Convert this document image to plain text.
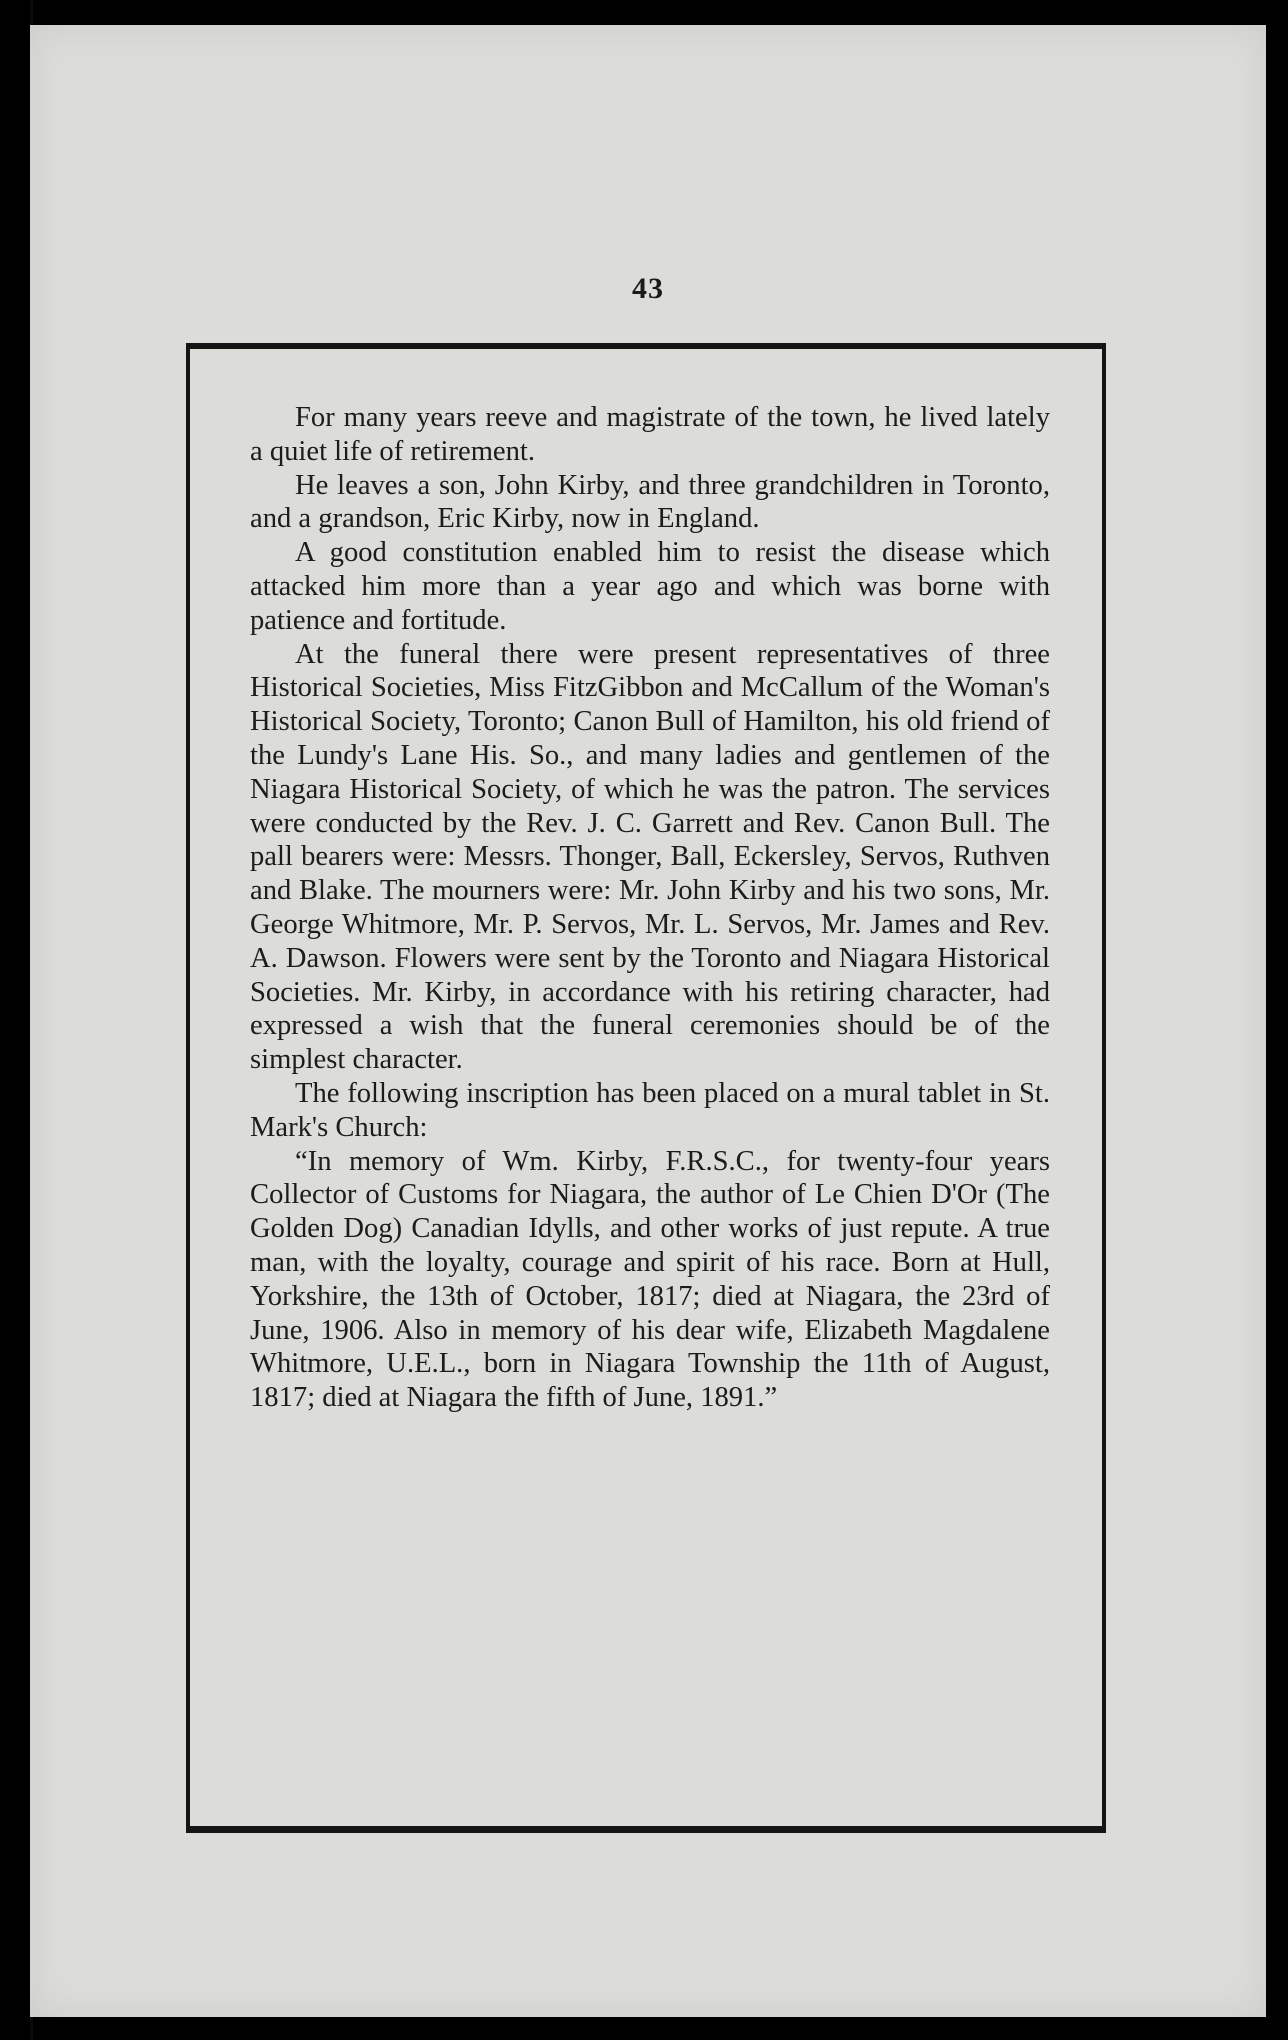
43

For many years reeve and magistrate of the town, he lived lately a quiet life of retirement.

He leaves a son, John Kirby, and three grandchildren in Toronto, and a grandson, Eric Kirby, now in England.

A good constitution enabled him to resist the disease which attacked him more than a year ago and which was borne with patience and fortitude.

At the funeral there were present representatives of three Historical Societies, Miss FitzGibbon and McCallum of the Woman's Historical Society, Toronto; Canon Bull of Hamilton, his old friend of the Lundy's Lane His. So., and many ladies and gentlemen of the Niagara Historical Society, of which he was the patron. The services were conducted by the Rev. J. C. Garrett and Rev. Canon Bull. The pall bearers were: Messrs. Thonger, Ball, Eckersley, Servos, Ruthven and Blake. The mourners were: Mr. John Kirby and his two sons, Mr. George Whitmore, Mr. P. Servos, Mr. L. Servos, Mr. James and Rev. A. Dawson. Flowers were sent by the Toronto and Niagara Historical Societies. Mr. Kirby, in accordance with his retiring character, had expressed a wish that the funeral ceremonies should be of the simplest character.

The following inscription has been placed on a mural tablet in St. Mark's Church:

“In memory of Wm. Kirby, F.R.S.C., for twenty-four years Collector of Customs for Niagara, the author of Le Chien D'Or (The Golden Dog) Canadian Idylls, and other works of just repute. A true man, with the loyalty, courage and spirit of his race. Born at Hull, Yorkshire, the 13th of October, 1817; died at Niagara, the 23rd of June, 1906. Also in memory of his dear wife, Elizabeth Magdalene Whitmore, U.E.L., born in Niagara Township the 11th of August, 1817; died at Niagara the fifth of June, 1891.”
